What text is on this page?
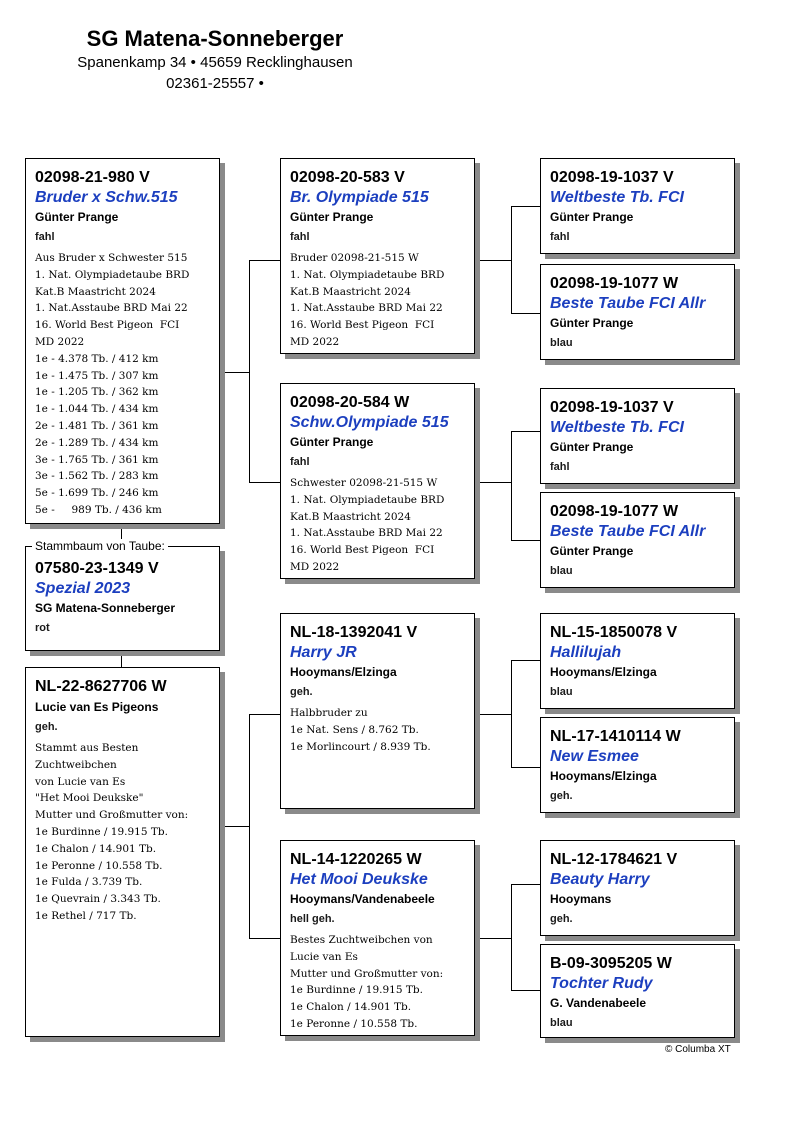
SG Matena-Sonneberger
Spanenkamp 34 • 45659 Recklinghausen
02361-25557 •
02098-21-980 V
Bruder x Schw.515
Günter Prange
fahl
Aus Bruder x Schwester 515
1. Nat. Olympiadetaube BRD
Kat.B Maastricht 2024
1. Nat.Asstaube BRD Mai 22
16. World Best Pigeon  FCI
MD 2022
1e - 4.378 Tb. / 412 km
1e - 1.475 Tb. / 307 km
1e - 1.205 Tb. / 362 km
1e - 1.044 Tb. / 434 km
2e - 1.481 Tb. / 361 km
2e - 1.289 Tb. / 434 km
3e - 1.765 Tb. / 361 km
3e - 1.562 Tb. / 283 km
5e - 1.699 Tb. / 246 km
5e -     989 Tb. / 436 km
07580-23-1349 V
Spezial 2023
SG Matena-Sonneberger
rot
Stammbaum von Taube:
NL-22-8627706 W
Lucie van Es Pigeons
geh.
Stammt aus Besten
Zuchtweibchen
von Lucie van Es
"Het Mooi Deukske"
Mutter und Großmutter von:
1e Burdinne / 19.915 Tb.
1e Chalon / 14.901 Tb.
1e Peronne / 10.558 Tb.
1e Fulda / 3.739 Tb.
1e Quevrain / 3.343 Tb.
1e Rethel / 717 Tb.
02098-20-583 V
Br. Olympiade 515
Günter Prange
fahl
Bruder 02098-21-515 W
1. Nat. Olympiadetaube BRD
Kat.B Maastricht 2024
1. Nat.Asstaube BRD Mai 22
16. World Best Pigeon  FCI
MD 2022
02098-20-584 W
Schw.Olympiade 515
Günter Prange
fahl
Schwester 02098-21-515 W
1. Nat. Olympiadetaube BRD
Kat.B Maastricht 2024
1. Nat.Asstaube BRD Mai 22
16. World Best Pigeon  FCI
MD 2022
NL-18-1392041 V
Harry JR
Hooymans/Elzinga
geh.
Halbbruder zu
1e Nat. Sens / 8.762 Tb.
1e Morlincourt / 8.939 Tb.
NL-14-1220265 W
Het Mooi Deukske
Hooymans/Vandenabeele
hell geh.
Bestes Zuchtweibchen von
Lucie van Es
Mutter und Großmutter von:
1e Burdinne / 19.915 Tb.
1e Chalon / 14.901 Tb.
1e Peronne / 10.558 Tb.
02098-19-1037 V
Weltbeste Tb. FCI
Günter Prange
fahl
02098-19-1077 W
Beste Taube FCI Allr
Günter Prange
blau
02098-19-1037 V
Weltbeste Tb. FCI
Günter Prange
fahl
02098-19-1077 W
Beste Taube FCI Allr
Günter Prange
blau
NL-15-1850078 V
Hallilujah
Hooymans/Elzinga
blau
NL-17-1410114 W
New Esmee
Hooymans/Elzinga
geh.
NL-12-1784621 V
Beauty Harry
Hooymans
geh.
B-09-3095205 W
Tochter Rudy
G. Vandenabeele
blau
© Columba XT
